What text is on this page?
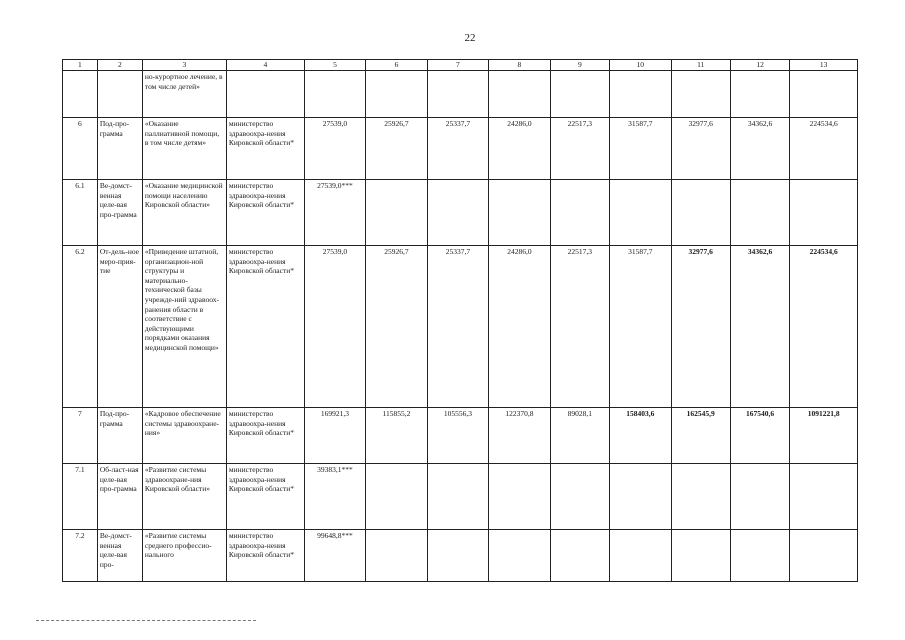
22
1	2	3	4	5	6	7	8	9	10	11	12	13
		но-курортное лечение, в том числе детей»										
6	Под-про-грамма	«Оказание паллиативной помощи, в том числе детям»	министерство здравоохра-нения Кировской области*	27539,0	25926,7	25337,7	24286,0	22517,3	31587,7	32977,6	34362,6	224534,6
6.1	Ве-домст-венная целе-вая про-грамма	«Оказание медицинской помощи населению Кировской области»	министерство здравоохра-нения Кировской области*	27539,0***								
6.2	От-дель-ное меро-прия-тие	«Приведение штатной, организацион-ной структуры и материально-технической базы учрежде-ний здравоох-ранения области в соответствие с действующими порядками оказания медицинской помощи»	министерство здравоохра-нения Кировской области*	27539,0	25926,7	25337,7	24286,0	22517,3	31587,7	32977,6	34362,6	224534,6
7	Под-про-грамма	«Кадровое обеспечение системы здравоохране-ния»	министерство здравоохра-нения Кировской области*	169921,3	115855,2	105556,3	122370,8	89028,1	158403,6	162545,9	167540,6	1091221,8
7.1	Об-ласт-ная целе-вая про-грамма	«Развитие системы здравоохране-ния Кировской области»	министерство здравоохра-нения Кировской области*	39383,1***								
7.2	Ве-домст-венная целе-вая про-	«Развитие системы среднего профессио-нального	министерство здравоохра-нения Кировской области*	99648,8***								
